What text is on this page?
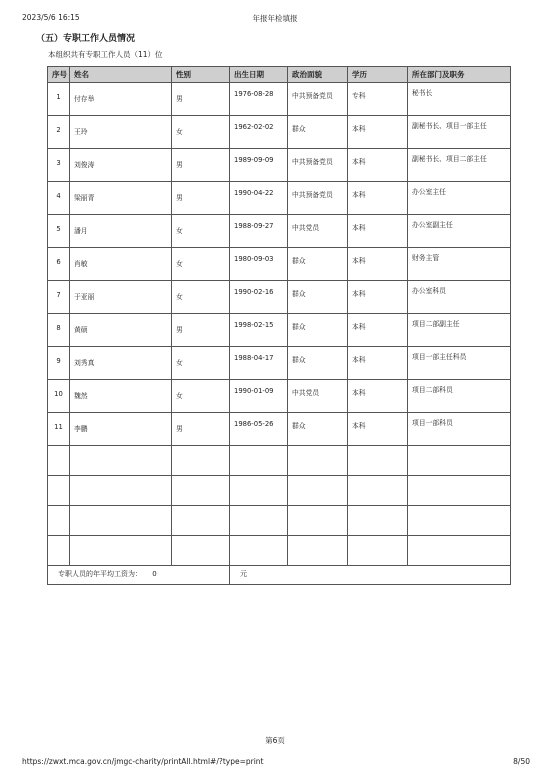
2023/5/6 16:15	年报年检填报
（五）专职工作人员情况
本组织共有专职工作人员（11）位
序号	姓名	性别	出生日期	政治面貌	学历	所在部门及职务
1	付存举	男	1976-08-28	中共预备党员	专科	秘书长
2	王玲	女	1962-02-02	群众	本科	副秘书长、项目一部主任
3	刘俊涛	男	1989-09-09	中共预备党员	本科	副秘书长、项目二部主任
4	梁丽青	男	1990-04-22	中共预备党员	本科	办公室主任
5	潘月	女	1988-09-27	中共党员	本科	办公室副主任
6	肖敏	女	1980-09-03	群众	本科	财务主管
7	于亚丽	女	1990-02-16	群众	本科	办公室科员
8	黄硕	男	1998-02-15	群众	本科	项目二部副主任
9	刘秀真	女	1988-04-17	群众	本科	项目一部主任科员
10	魏然	女	1990-01-09	中共党员	本科	项目二部科员
11	李鹏	男	1986-05-26	群众	本科	项目一部科员

专职人员的年平均工资为： 0			元			
第6页
https://zwxt.mca.gov.cn/jmgc-charity/printAll.html#/?type=print	8/50
